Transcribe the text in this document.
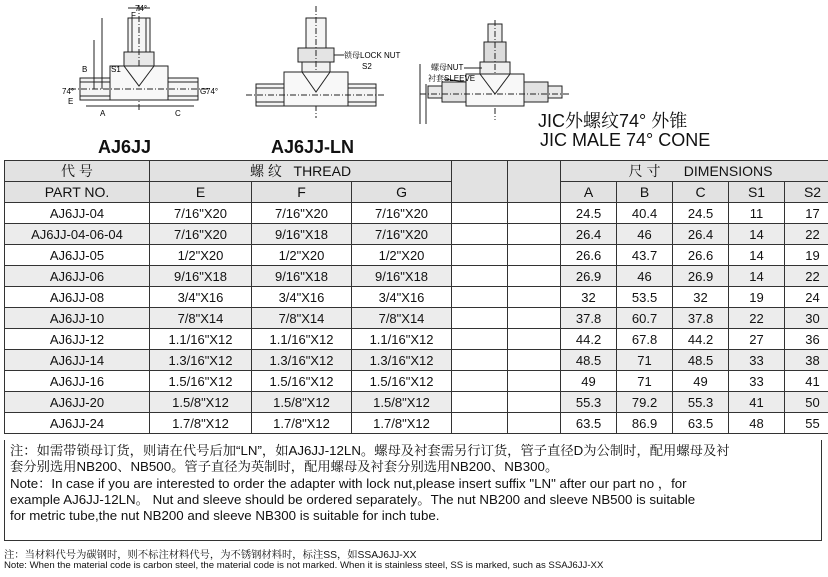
74°
F
S1
B
74°
E
A	C
G 74°
锁母LOCK NUT
S2	螺母NUT
衬套SLEEVE
AJ6JJ	AJ6JJ-LN
JIC外螺纹74° 外锥
JIC MALE 74° CONE
代 号	螺 纹 THREAD					尺 寸 DIMENSIONS				
PART NO.	E	F	G			A	B	C	S1	S2
AJ6JJ-04	7/16"X20	7/16"X20	7/16"X20			24.5	40.4	24.5	11	17
AJ6JJ-04-06-04	7/16"X20	9/16"X18	7/16"X20			26.4	46	26.4	14	22
AJ6JJ-05	1/2"X20	1/2"X20	1/2"X20			26.6	43.7	26.6	14	19
AJ6JJ-06	9/16"X18	9/16"X18	9/16"X18			26.9	46	26.9	14	22
AJ6JJ-08	3/4"X16	3/4"X16	3/4"X16			32	53.5	32	19	24
AJ6JJ-10	7/8"X14	7/8"X14	7/8"X14			37.8	60.7	37.8	22	30
AJ6JJ-12	1.1/16"X12	1.1/16"X12	1.1/16"X12			44.2	67.8	44.2	27	36
AJ6JJ-14	1.3/16"X12	1.3/16"X12	1.3/16"X12			48.5	71	48.5	33	38
AJ6JJ-16	1.5/16"X12	1.5/16"X12	1.5/16"X12			49	71	49	33	41
AJ6JJ-20	1.5/8"X12	1.5/8"X12	1.5/8"X12			55.3	79.2	55.3	41	50
AJ6JJ-24	1.7/8"X12	1.7/8"X12	1.7/8"X12			63.5	86.9	63.5	48	55
注：如需带锁母订货，则请在代号后加“LN”，如AJ6JJ-12LN。螺母及衬套需另行订货，管子直径D为公制时，配用螺母及衬
套分别选用NB200、NB500。管子直径为英制时，配用螺母及衬套分别选用NB200、NB300。
Note：In case if you are interested to order the adapter with lock nut,please insert suffix "LN" after our part no ，for
example AJ6JJ-12LN。 Nut and sleeve should be ordered separately。The nut NB200 and sleeve NB500 is suitable
for metric tube,the nut NB200 and sleeve NB300 is suitable for inch tube.
注：当材料代号为碳钢时，则不标注材料代号，为不锈钢材料时，标注SS，如SSAJ6JJ-XX
Note: When the material code is carbon steel, the material code is not marked. When it is stainless steel, SS is marked, such as SSAJ6JJ-XX
